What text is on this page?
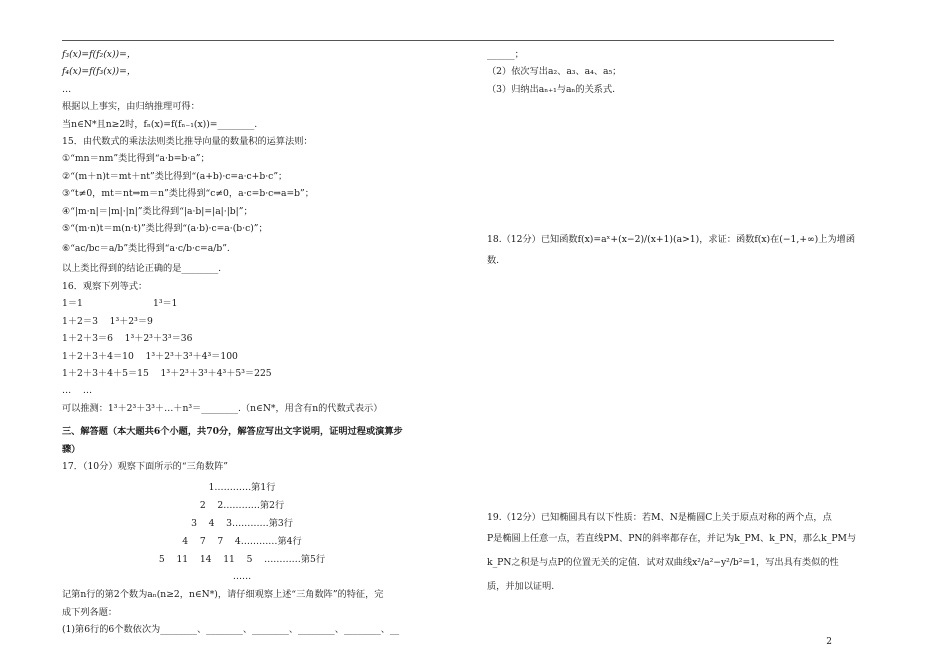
f₃(x)=f(f₂(x))=，
f₄(x)=f(f₃(x))=，
…
根据以上事实，由归纳推理可得：
当n∈N*且n≥2时，fₙ(x)=f(fₙ₋₁(x))=________.
15．由代数式的乘法法则类比推导向量的数量积的运算法则：
①“mn＝nm”类比得到“a·b=b·a”；
②“(m＋n)t＝mt＋nt”类比得到“(a+b)·c=a·c+b·c”；
③“t≠0，mt＝nt⇒m＝n”类比得到“c≠0，a·c=b·c⇒a=b”；
④“|m·n|＝|m|·|n|”类比得到“|a·b|=|a|·|b|”；
⑤“(m·n)t＝m(n·t)”类比得到“(a·b)·c=a·(b·c)”；
⑥“ac/bc＝a/b”类比得到“a·c/b·c=a/b”.
以上类比得到的结论正确的是________.
16．观察下列等式：
1＝1                        1³＝1
1＋2＝3    1³＋2³＝9
1＋2＋3＝6    1³＋2³＋3³＝36
1＋2＋3＋4＝10    1³＋2³＋3³＋4³＝100
1＋2＋3＋4＋5＝15    1³＋2³＋3³＋4³＋5³＝225
…    …
可以推测：1³＋2³＋3³＋…＋n³＝________.（n∈N*，用含有n的代数式表示）
三、解答题（本大题共6个小题，共70分，解答应写出文字说明，证明过程或演算步
骤）
17．（10分）观察下面所示的“三角数阵”
1…………第1行
2    2…………第2行
3    4    3…………第3行
4    7    7    4…………第4行
5    11    14    11    5    …………第5行
……
记第n行的第2个数为aₙ(n≥2，n∈N*)，请仔细观察上述“三角数阵”的特征，完
成下列各题：
(1)第6行的6个数依次为________、________、________、________、________、__
______；
（2）依次写出a₂、a₃、a₄、a₅；
（3）归纳出aₙ₊₁与aₙ的关系式.
18.（12分）已知函数f(x)=aˣ+(x−2)/(x+1)(a>1)，求证：函数f(x)在(−1,+∞)上为增函
数.
19.（12分）已知椭圆具有以下性质：若M、N是椭圆C上关于原点对称的两个点，点
P是椭圆上任意一点，若直线PM、PN的斜率都存在，并记为k_PM、k_PN，那么k_PM与
k_PN之积是与点P的位置无关的定值．试对双曲线x²/a²−y²/b²=1，写出具有类似的性
质，并加以证明.
2
